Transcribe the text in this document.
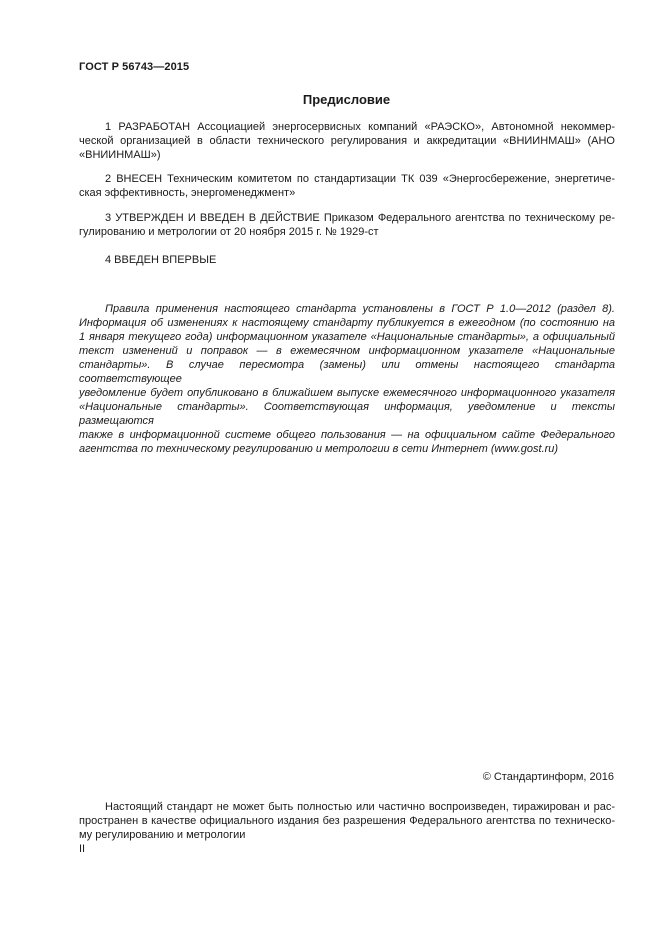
ГОСТ Р 56743—2015
Предисловие
1 РАЗРАБОТАН Ассоциацией энергосервисных компаний «РАЭСКО», Автономной некоммер-
ческой организацией в области технического регулирования и аккредитации «ВНИИНМАШ» (АНО
«ВНИИНМАШ»)
2 ВНЕСЕН Техническим комитетом по стандартизации ТК 039 «Энергосбережение, энергетиче-
ская эффективность, энергоменеджмент»
3 УТВЕРЖДЕН И ВВЕДЕН В ДЕЙСТВИЕ Приказом Федерального агентства по техническому ре-
гулированию и метрологии от 20 ноября 2015 г. № 1929-ст
4 ВВЕДЕН ВПЕРВЫЕ
Правила применения настоящего стандарта установлены в ГОСТ Р 1.0—2012 (раздел 8).
Информация об изменениях к настоящему стандарту публикуется в ежегодном (по состоянию на
1 января текущего года) информационном указателе «Национальные стандарты», а официальный
текст изменений и поправок — в ежемесячном информационном указателе «Национальные
стандарты». В случае пересмотра (замены) или отмены настоящего стандарта соответствующее
уведомление будет опубликовано в ближайшем выпуске ежемесячного информационного указателя
«Национальные стандарты». Соответствующая информация, уведомление и тексты размещаются
также в информационной системе общего пользования — на официальном сайте Федерального
агентства по техническому регулированию и метрологии в сети Интернет (www.gost.ru)
© Стандартинформ, 2016
Настоящий стандарт не может быть полностью или частично воспроизведен, тиражирован и рас-
пространен в качестве официального издания без разрешения Федерального агентства по техническо-
му регулированию и метрологии
II
